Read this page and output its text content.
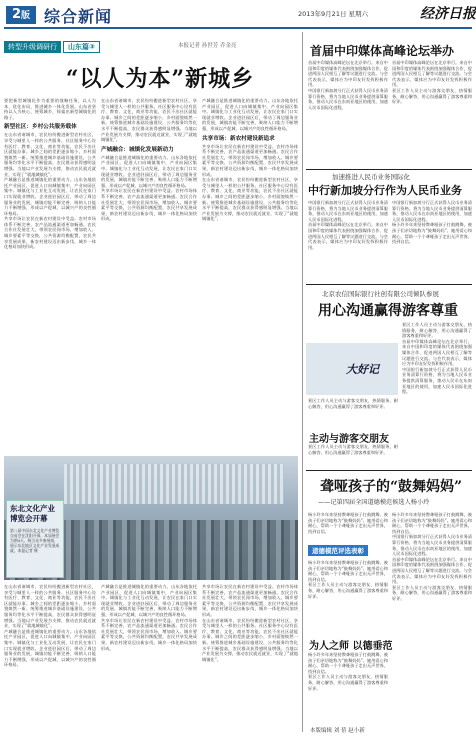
2版 综合新闻	2013年9月21日 星期六	经济日报
转型升级调研行	山东篇③	本报记者 孙世芳 乔金亮
“以人为本”新城乡
要把新型城镇化作为重要的战略任务，以人为本、优化布局，推进城乡一体化发展。山东省坚持以人为核心，统筹城乡，探索出新型城镇化的路子。
新型社区：乡村公共服务载体
在山东省诸城市，农民纷纷搬进新型农村社区，享受与城里人一样的公共服务。社区服务中心设有医疗、教育、文化、商业等功能，农民不出社区就能办事。城乡之间的差距逐步缩小，乡村面貌焕然一新。统筹推进城乡基础设施建设，公共服务均等化水平不断提高，农民群众获得感明显增强。当地以产业发展为支撑，推动农民就近就业，实现了“就地城镇化”。
产城融合是推进城镇化的重要动力。山东各地依托产业园区，促进人口向城镇集中，产业向园区集中。城镇化与工业化互动发展，让农民在家门口实现就业增收。企业进驻园区后，带动了周边服务业的发展，城镇功能不断完善，吸纳人口能力不断增强，形成以产促城、以城兴产的良性循环格局。
共享市场让农民在新农村建设中受益。农村市场体系不断完善，农产品流通渠道更加畅通。农民合作社发展壮大，带领农民闯市场，增加收入。城乡要素平等交换，公共资源均衡配置，农民共享发展成果，新农村建设迈出新步伐，城乡一体化格局加快形成。
在山东省诸城市，农民纷纷搬进新型农村社区，享受与城里人一样的公共服务。社区服务中心设有医疗、教育、文化、商业等功能，农民不出社区就能办事。城乡之间的差距逐步缩小，乡村面貌焕然一新。统筹推进城乡基础设施建设，公共服务均等化水平不断提高，农民群众获得感明显增强。当地以产业发展为支撑，推动农民就近就业，实现了“就地城镇化”。
产城融合：城镇化发展新动力
产城融合是推进城镇化的重要动力。山东各地依托产业园区，促进人口向城镇集中，产业向园区集中。城镇化与工业化互动发展，让农民在家门口实现就业增收。企业进驻园区后，带动了周边服务业的发展，城镇功能不断完善，吸纳人口能力不断增强，形成以产促城、以城兴产的良性循环格局。
共享市场让农民在新农村建设中受益。农村市场体系不断完善，农产品流通渠道更加畅通。农民合作社发展壮大，带领农民闯市场，增加收入。城乡要素平等交换，公共资源均衡配置，农民共享发展成果，新农村建设迈出新步伐，城乡一体化格局加快形成。
产城融合是推进城镇化的重要动力。山东各地依托产业园区，促进人口向城镇集中，产业向园区集中。城镇化与工业化互动发展，让农民在家门口实现就业增收。企业进驻园区后，带动了周边服务业的发展，城镇功能不断完善，吸纳人口能力不断增强，形成以产促城、以城兴产的良性循环格局。
共享市场：新农村建设新追求
共享市场让农民在新农村建设中受益。农村市场体系不断完善，农产品流通渠道更加畅通。农民合作社发展壮大，带领农民闯市场，增加收入。城乡要素平等交换，公共资源均衡配置，农民共享发展成果，新农村建设迈出新步伐，城乡一体化格局加快形成。
在山东省诸城市，农民纷纷搬进新型农村社区，享受与城里人一样的公共服务。社区服务中心设有医疗、教育、文化、商业等功能，农民不出社区就能办事。城乡之间的差距逐步缩小，乡村面貌焕然一新。统筹推进城乡基础设施建设，公共服务均等化水平不断提高，农民群众获得感明显增强。当地以产业发展为支撑，推动农民就近就业，实现了“就地城镇化”。
东北文化产业博览会开幕
第八届中国东北文化产业博览交易会在沈阳开幕，本届展会为期4天，吸引众多参展商，展示东北地区文化产业发展成就。本报记者 摄
在山东省诸城市，农民纷纷搬进新型农村社区，享受与城里人一样的公共服务。社区服务中心设有医疗、教育、文化、商业等功能，农民不出社区就能办事。城乡之间的差距逐步缩小，乡村面貌焕然一新。统筹推进城乡基础设施建设，公共服务均等化水平不断提高，农民群众获得感明显增强。当地以产业发展为支撑，推动农民就近就业，实现了“就地城镇化”。
产城融合是推进城镇化的重要动力。山东各地依托产业园区，促进人口向城镇集中，产业向园区集中。城镇化与工业化互动发展，让农民在家门口实现就业增收。企业进驻园区后，带动了周边服务业的发展，城镇功能不断完善，吸纳人口能力不断增强，形成以产促城、以城兴产的良性循环格局。
产城融合是推进城镇化的重要动力。山东各地依托产业园区，促进人口向城镇集中，产业向园区集中。城镇化与工业化互动发展，让农民在家门口实现就业增收。企业进驻园区后，带动了周边服务业的发展，城镇功能不断完善，吸纳人口能力不断增强，形成以产促城、以城兴产的良性循环格局。
共享市场让农民在新农村建设中受益。农村市场体系不断完善，农产品流通渠道更加畅通。农民合作社发展壮大，带领农民闯市场，增加收入。城乡要素平等交换，公共资源均衡配置，农民共享发展成果，新农村建设迈出新步伐，城乡一体化格局加快形成。
共享市场让农民在新农村建设中受益。农村市场体系不断完善，农产品流通渠道更加畅通。农民合作社发展壮大，带领农民闯市场，增加收入。城乡要素平等交换，公共资源均衡配置，农民共享发展成果，新农村建设迈出新步伐，城乡一体化格局加快形成。
在山东省诸城市，农民纷纷搬进新型农村社区，享受与城里人一样的公共服务。社区服务中心设有医疗、教育、文化、商业等功能，农民不出社区就能办事。城乡之间的差距逐步缩小，乡村面貌焕然一新。统筹推进城乡基础设施建设，公共服务均等化水平不断提高，农民群众获得感明显增强。当地以产业发展为支撑，推动农民就近就业，实现了“就地城镇化”。
首届中印媒体高峰论坛举办
首届中印媒体高峰论坛在北京举行。来自中国和印度的媒体代表围绕加强媒体合作、促进两国人民相互了解等议题进行交流。与会代表表示，媒体应为中印友好发挥积极作用。
中国银行新加坡分行正式获得人民币业务清算行资格，将为当地人民币业务提供清算服务，推动人民币在东南亚地区的使用，加速人民币国际化进程。
首届中印媒体高峰论坛在北京举行。来自中国和印度的媒体代表围绕加强媒体合作、促进两国人民相互了解等议题进行交流。与会代表表示，媒体应为中印友好发挥积极作用。
景区工作人员主动与游客交朋友，热情服务，耐心解答，用心沟通赢得了游客尊重和好评。
加速推进人民币业务国际化
中行新加坡分行作为人民币业务
中国银行新加坡分行正式获得人民币业务清算行资格，将为当地人民币业务提供清算服务，推动人民币在东南亚地区的使用，加速人民币国际化进程。
首届中印媒体高峰论坛在北京举行。来自中国和印度的媒体代表围绕加强媒体合作、促进两国人民相互了解等议题进行交流。与会代表表示，媒体应为中印友好发挥积极作用。
中国银行新加坡分行正式获得人民币业务清算行资格，将为当地人民币业务提供清算服务，推动人民币在东南亚地区的使用，加速人民币国际化进程。
杨小玲多年来坚持教聋哑孩子打鼓跳舞，被孩子们亲切地称为“鼓舞妈妈”。她用爱心和耐心，帮助一个个聋哑孩子走出无声世界，找到自信。
北京农信国际银行社创有限公司倾队参展
用心沟通赢得游客尊重
大好记
景区工作人员主动与游客交朋友，热情服务，耐心解答，用心沟通赢得了游客尊重和好评。
景区工作人员主动与游客交朋友，热情服务，耐心解答，用心沟通赢得了游客尊重和好评。
首届中印媒体高峰论坛在北京举行。来自中国和印度的媒体代表围绕加强媒体合作、促进两国人民相互了解等议题进行交流。与会代表表示，媒体应为中印友好发挥积极作用。
中国银行新加坡分行正式获得人民币业务清算行资格，将为当地人民币业务提供清算服务，推动人民币在东南亚地区的使用，加速人民币国际化进程。
主动与游客交朋友
景区工作人员主动与游客交朋友，热情服务，耐心解答，用心沟通赢得了游客尊重和好评。
聋哑孩子的“鼓舞妈妈”
——记第四届全国道德模范候选人杨小玲
道德模范评选表彰
杨小玲多年来坚持教聋哑孩子打鼓跳舞，被孩子们亲切地称为“鼓舞妈妈”。她用爱心和耐心，帮助一个个聋哑孩子走出无声世界，找到自信。
杨小玲多年来坚持教聋哑孩子打鼓跳舞，被孩子们亲切地称为“鼓舞妈妈”。她用爱心和耐心，帮助一个个聋哑孩子走出无声世界，找到自信。
景区工作人员主动与游客交朋友，热情服务，耐心解答，用心沟通赢得了游客尊重和好评。
杨小玲多年来坚持教聋哑孩子打鼓跳舞，被孩子们亲切地称为“鼓舞妈妈”。她用爱心和耐心，帮助一个个聋哑孩子走出无声世界，找到自信。
中国银行新加坡分行正式获得人民币业务清算行资格，将为当地人民币业务提供清算服务，推动人民币在东南亚地区的使用，加速人民币国际化进程。
首届中印媒体高峰论坛在北京举行。来自中国和印度的媒体代表围绕加强媒体合作、促进两国人民相互了解等议题进行交流。与会代表表示，媒体应为中印友好发挥积极作用。
景区工作人员主动与游客交朋友，热情服务，耐心解答，用心沟通赢得了游客尊重和好评。
为人之师 以德垂范
杨小玲多年来坚持教聋哑孩子打鼓跳舞，被孩子们亲切地称为“鼓舞妈妈”。她用爱心和耐心，帮助一个个聋哑孩子走出无声世界，找到自信。
景区工作人员主动与游客交朋友，热情服务，耐心解答，用心沟通赢得了游客尊重和好评。
本版编辑 刘 蓓 赵小新
